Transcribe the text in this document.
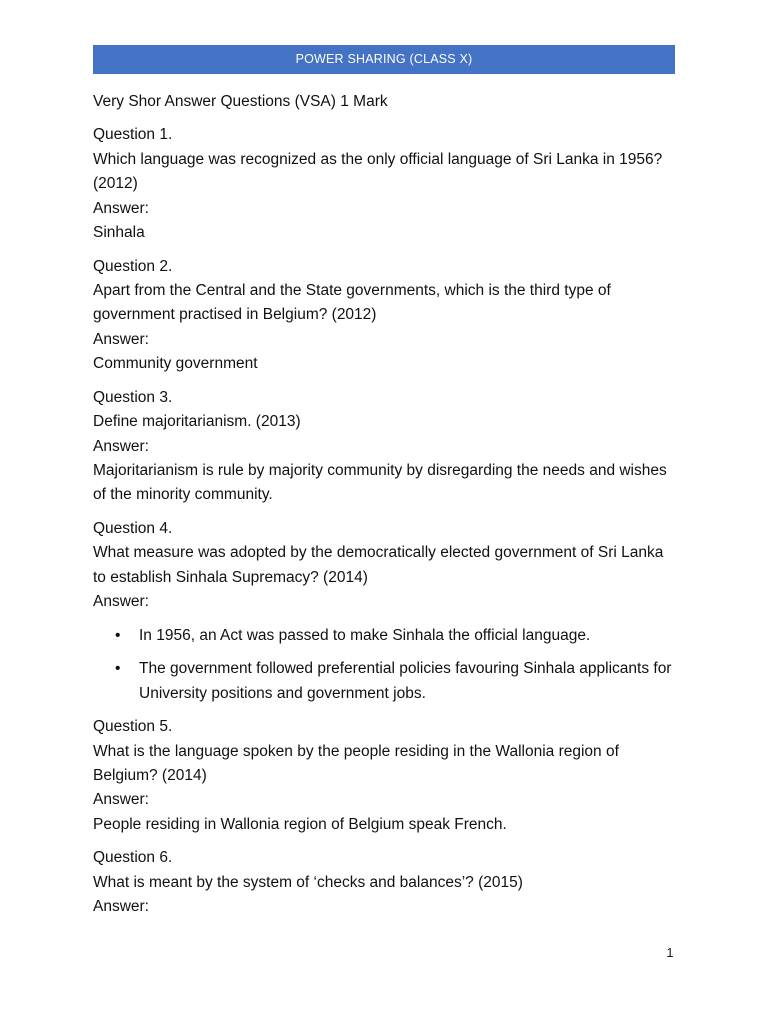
POWER SHARING (CLASS X)

Very Shor Answer Questions (VSA) 1 Mark

Question 1.

Which language was recognized as the only official language of Sri Lanka in 1956? (2012)

Answer:

Sinhala

Question 2.

Apart from the Central and the State governments, which is the third type of government practised in Belgium? (2012)

Answer:

Community government

Question 3.

Define majoritarianism. (2013)

Answer:

Majoritarianism is rule by majority community by disregarding the needs and wishes of the minority community.

Question 4.

What measure was adopted by the democratically elected government of Sri Lanka to establish Sinhala Supremacy? (2014)

Answer:

• In 1956, an Act was passed to make Sinhala the official language.
• The government followed preferential policies favouring Sinhala applicants for University positions and government jobs.

Question 5.

What is the language spoken by the people residing in the Wallonia region of Belgium? (2014)

Answer:

People residing in Wallonia region of Belgium speak French.

Question 6.

What is meant by the system of ‘checks and balances’? (2015)

Answer:

1
